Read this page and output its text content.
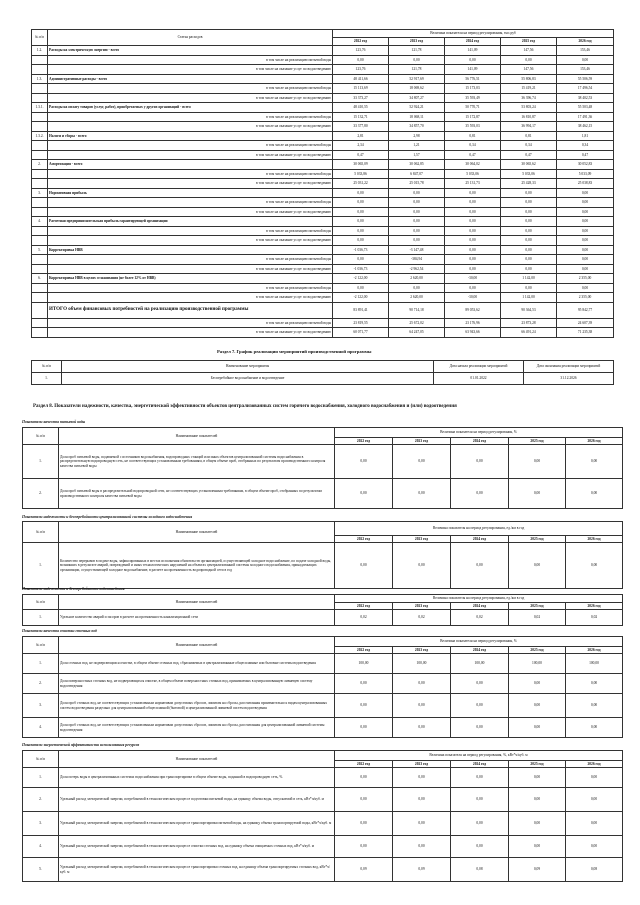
№ п/п	Статья расходов	Величина показателя на период регулирования, тыс.руб				
		2022 год	2023 год	2024 год	2025 год	2026 год
1.2.	Расходы на электрическую энергию - всего	123,76	121,78	141,09	147,56	153,46
	в том числе на реализацию питьевой воды	0,00	0,00	0,00	0,00	0,00
	в том числе на оказание услуг по водоотведению	123,76	121,78	141,09	147,56	153,46
1.3.	Административные расходы - всего	48 411,66	52 917,69	56 776,51	55 806,83	55 506,59
	в том числе на реализацию питьевой воды	15 113,69	18 069,62	15 173,03	15 419,21	17 496,54
	в том числе на оказание услуг по водоотведению	33 373,27	34 807,27	35 593,49	36 396,74	38 402,53
1.3.1.	Расходы на оплату товаров (услуг, работ), приобретаемых у других организаций - всего	48 410,55	52 924,21	50 770,71	53 803,24	55 503,48
	в том числе на реализацию питьевой воды	15 132,71	18 068,11	15 172,87	16 810,87	17 491,36
	в том числе на оказание услуг по водоотведению	33 377,80	34 857,70	35 593,03	36 994,17	38 462,15
1.3.2.	Налоги и сборы - всего	2,81	2,98	0,81	0,81	1,81
	в том числе на реализацию питьевой воды	2,34	1,21	0,34	0,34	0,34
	в том числе на оказание услуг по водоотведению	0,47	1,57	0,47	0,47	0,47
2.	Амортизация - всего	30 065,09	30 062,85	30 064,02	30 065,62	30 052,83
	в том числе на реализацию питьевой воды	5 033,86	6 847,07	5 033,06	5 033,06	5 033,09
	в том числе на оказание услуг по водоотведению	25 031,22	25 015,78	25 131,73	25 428,33	25 038,83
3.	Нормативная прибыль	0,00	0,00	0,00	0,00	0,00
	в том числе на реализацию питьевой воды	0,00	0,00	0,00	0,00	0,00
	в том числе на оказание услуг по водоотведению	0,00	0,00	0,00	0,00	0,00
4.	Расчетная предпринимательская прибыль гарантирующей организации	0,00	0,00	0,00	0,00	0,00
	в том числе на реализацию питьевой воды	0,00	0,00	0,00	0,00	0,00
	в том числе на оказание услуг по водоотведению	0,00	0,00	0,00	0,00	0,00
5.	Корректировка НВВ	-1 036,73	-3 147,48	0,00	0,00	0,00
	в том числе на реализацию питьевой воды	0,00	-384,94	0,00	0,00	0,00
	в том числе на оказание услуг по водоотведению	-1 036,73	-2 962,54	0,00	0,00	0,00
6.	Корректировка НВВ в целях сглаживания (не более 12% от НВВ)	-2 122,00	2 620,00	-30,00	1 142,00	2 355,00
	в том числе на реализацию питьевой воды	0,00	0,00	0,00	0,00	0,00
	в том числе на оказание услуг по водоотведению	-2 122,00	2 620,00	-30,00	1 142,00	2 355,00
	ИТОГО объем финансовых потребностей на реализацию производственной программы	83 891,41	90 714,18	89 053,62	90 364,53	95 842,77
	в том числе на реализацию питьевой воды	23 819,55	25 672,02	23 176,96	23 873,28	24 607,39
	в том числе на оказание услуг по водоотведению	60 071,77	64 247,05	63 943,66	66 491,24	71 235,38
Раздел 7. График реализации мероприятий производственной программы
№ п/п	Наименование мероприятия	Дата начала реализации мероприятий	Дата окончания реализации мероприятий
1.	Бесперебойное водоснабжение и водоотведение	01.01.2022	31.12.2026
Раздел 8. Показатели надежности, качества, энергетической эффективности объектов централизованных систем горячего водоснабжения, холодного водоснабжения и (или) водоотведения
Показатели качества питьевой воды
№ п/п	Наименование показателей	Величина показателя на период регулирования, %				
		2022 год	2023 год	2024 год	2025 год	2026 год
1.	Доля проб питьевой воды, подаваемой с источников водоснабжения, водопроводных станций или иных объектов централизованной системы водоснабжения в распределительную водопроводную сеть, не соответствующих установленным требованиям, в общем объеме проб, отобранных по результатам производственного контроля качества питьевой воды	0,00	0,00	0,00	0,00	0,00
2.	Доля проб питьевой воды в распределительной водопроводной сети, не соответствующих установленным требованиям, в общем объеме проб, отобранных по результатам производственного контроля качества питьевой воды	0,00	0,00	0,00	0,00	0,00
Показатели надежности и бесперебойности централизованной системы холодного водоснабжения
№ п/п	Наименование показателей	Величина показателя на период регулирования, ед./км в год				
		2022 год	2023 год	2024 год	2025 год	2026 год
1.	Количество перерывов в подаче воды, зафиксированных в местах исполнения обязательств организацией, осуществляющей холодное водоснабжение, по подаче холодной воды, возникших в результате аварий, повреждений и иных технологических нарушений на объектах централизованной системы холодного водоснабжения, принадлежащих организации, осуществляющей холодное водоснабжение, в расчете на протяженность водопроводной сети в год	0,00	0,00	0,00	0,00	0,00
Показатели надежности и бесперебойности водоотведения
№ п/п	Наименование показателей	Величина показателя на период регулирования, ед./км в год				
		2022 год	2023 год	2024 год	2025 год	2026 год
1.	Удельное количество аварий и засоров в расчете на протяженность канализационной сети	0,02	0,02	0,02	0,02	0,02
Показатели качества очистки сточных вод
№ п/п	Наименование показателей	Величина показателя на период регулирования, %				
		2022 год	2023 год	2024 год	2025 год	2026 год
1.	Доля сточных вод, не подвергающихся очистке, в общем объеме сточных вод, сбрасываемых в централизованные общесплавные или бытовые системы водоотведения	100,00	100,00	100,00	100,00	100,00
2.	Доля поверхностных сточных вод, не подвергающихся очистке, в общем объеме поверхностных сточных вод, принимаемых в централизованную ливневую систему водоотведения	0,00	0,00	0,00	0,00	0,00
3.	Доля проб сточных вод, не соответствующих установленным нормативам допустимых сбросов, лимитам на сбросы, рассчитанная применительно к видам централизованных систем водоотведения раздельно для централизованной общесплавной (бытовой) и централизованной ливневой систем водоотведения	0,00	0,00	0,00	0,00	0,00
4.	Доля проб сточных вод, не соответствующих установленным нормативам допустимых сбросов, лимитам на сбросы, рассчитанная для централизованной ливневой системы водоотведения	0,00	0,00	0,00	0,00	0,00
Показатели энергетической эффективности использования ресурсов
№ п/п	Наименование показателей	Величина показателя на период регулирования, %, кВт*ч/куб. м				
		2022 год	2023 год	2024 год	2025 год	2026 год
1.	Доля потерь воды в централизованных системах водоснабжения при транспортировке в общем объеме воды, поданной в водопроводную сеть, %	0,00	0,00	0,00	0,00	0,00
2.	Удельный расход электрической энергии, потребляемой в технологическом процессе подготовки питьевой воды, на единицу объема воды, отпускаемой в сеть, кВт*ч/куб. м	0,00	0,00	0,00	0,00	0,00
3.	Удельный расход электрической энергии, потребляемой в технологическом процессе транспортировки питьевой воды, на единицу объема транспортируемой воды, кВт*ч/куб. м	0,00	0,00	0,00	0,00	0,00
4.	Удельный расход электрической энергии, потребляемой в технологическом процессе очистки сточных вод, на единицу объема очищаемых сточных вод, кВт*ч/куб. м	0,00	0,00	0,00	0,00	0,00
5.	Удельный расход электрической энергии, потребляемой в технологическом процессе транспортировки сточных вод, на единицу объема транспортируемых сточных вод, кВт*ч/куб. м	0,09	0,09	0,08	0,09	0,08
